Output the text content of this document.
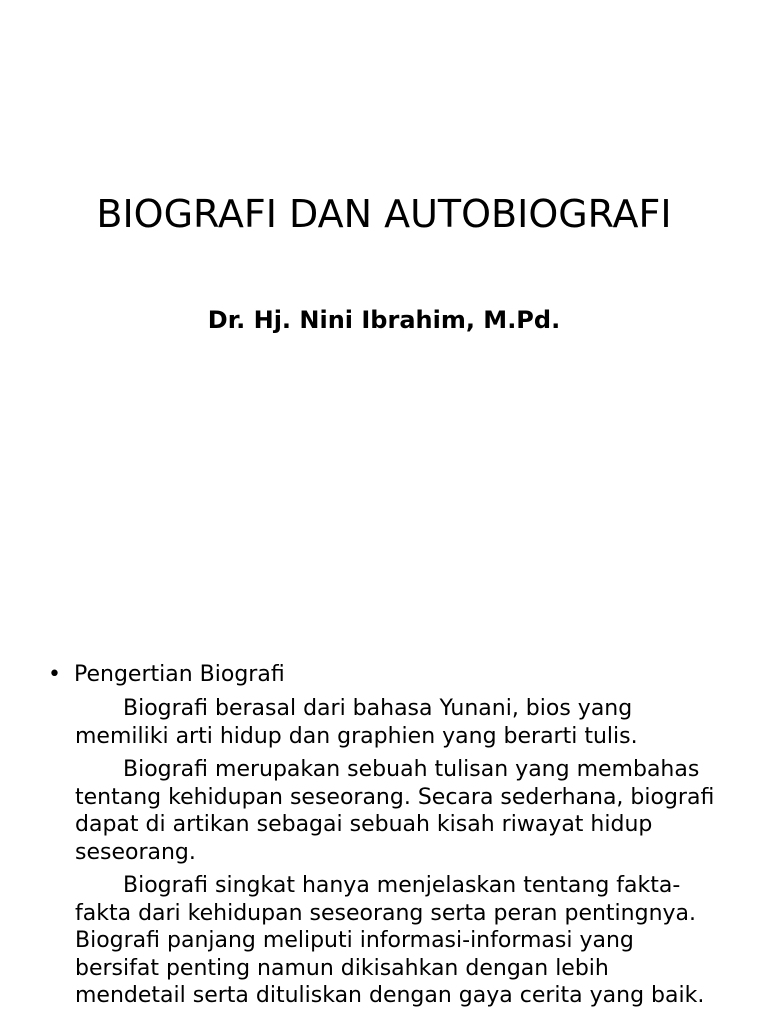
BIOGRAFI DAN AUTOBIOGRAFI
Dr. Hj. Nini Ibrahim, M.Pd.
• Pengertian Biografi

Biografi berasal dari bahasa Yunani, bios yang memiliki arti hidup dan graphien yang berarti tulis.

Biografi merupakan sebuah tulisan yang membahas tentang kehidupan seseorang. Secara sederhana, biografi dapat di artikan sebagai sebuah kisah riwayat hidup seseorang.

Biografi singkat hanya menjelaskan tentang fakta-fakta dari kehidupan seseorang serta peran pentingnya. Biografi panjang meliputi informasi-informasi yang bersifat penting namun dikisahkan dengan lebih mendetail serta dituliskan dengan gaya cerita yang baik.
